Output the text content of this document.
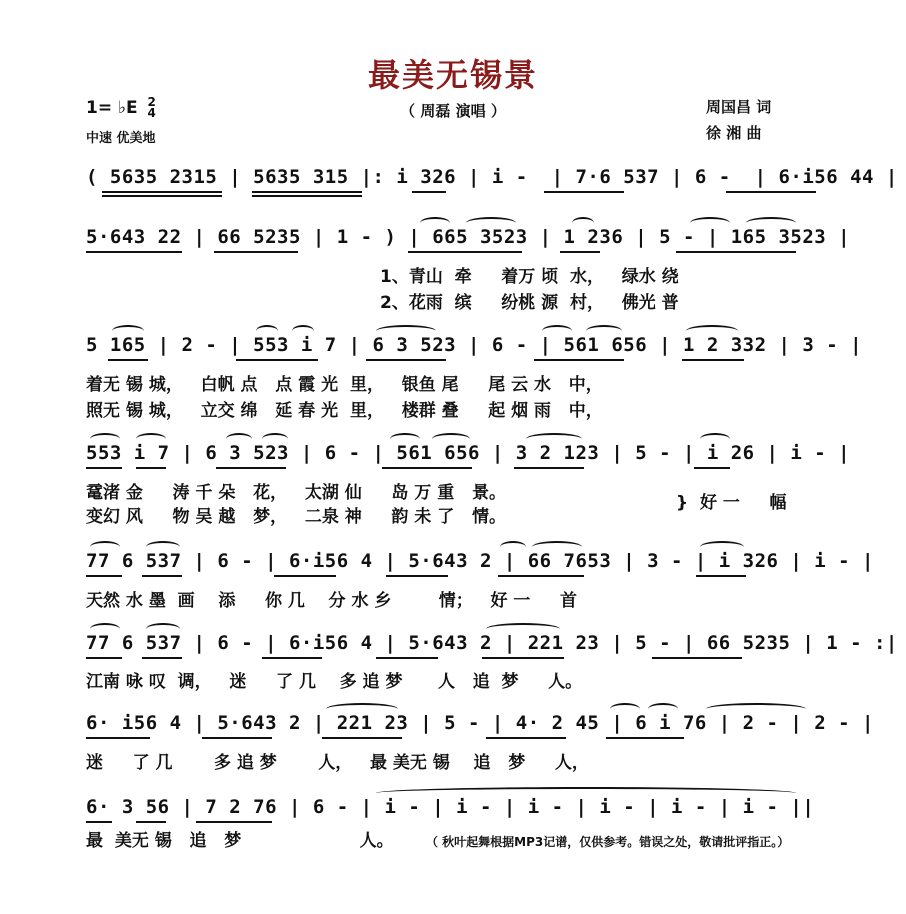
最美无锡景
（ 周磊 演唱 ）
1= ♭E 2
4
中速 优美地
周国昌 词
徐 湘 曲
( 5635 2315 | 5635 315 |: i 326 | i -  | 7·6 537 | 6 -  | 6·i56 44 |
5·643 22 | 66 5235 | 1 - ) | 665 3523 | 1 236 | 5 - | 165 3523 |
1、青山  牵     着万 顷  水，   绿水 绕
2、花雨  缤     纷桃 源  村，   佛光 普
5 165 | 2 - | 553 i 7 | 6 3 523 | 6 - | 561 656 | 1 2 332 | 3 - |
着无 锡 城，   白帆 点   点 霞 光  里，   银鱼 尾     尾 云 水   中，
照无 锡 城，   立交 绵   延 春 光  里，   楼群 叠     起 烟 雨   中，
553 i 7 | 6 3 523 | 6 - | 561 656 | 3 2 123 | 5 - | i 26 | i - |
鼋渚 金     涛 千 朵   花，   太湖 仙     岛 万 重   景。
变幻 风     物 吴 越   梦，   二泉 神     韵 未 了   情。
}  好 一     幅
77 6 537 | 6 - | 6·i56 4 | 5·643 2 | 66 7653 | 3 - | i 326 | i - |
天然 水 墨  画    添     你 几    分 水 乡        情；   好 一     首
77 6 537 | 6 - | 6·i56 4 | 5·643 2 | 221 23 | 5 - | 66 5235 | 1 - :|
江南 咏 叹  调，   迷     了 几    多 追 梦      人   追  梦     人。
6· i56 4 | 5·643 2 | 221 23 | 5 - | 4· 2 45 | 6 i 76 | 2 - | 2 - |
迷     了 几       多 追 梦       人，   最 美无 锡    追   梦     人，
6· 3 56 | 7 2 76 | 6 - | i - | i - | i - | i - | i - | i - ||
最  美无 锡   追   梦                    人。	（ 秋叶起舞根据MP3记谱，仅供参考。错误之处，敬请批评指正。）
